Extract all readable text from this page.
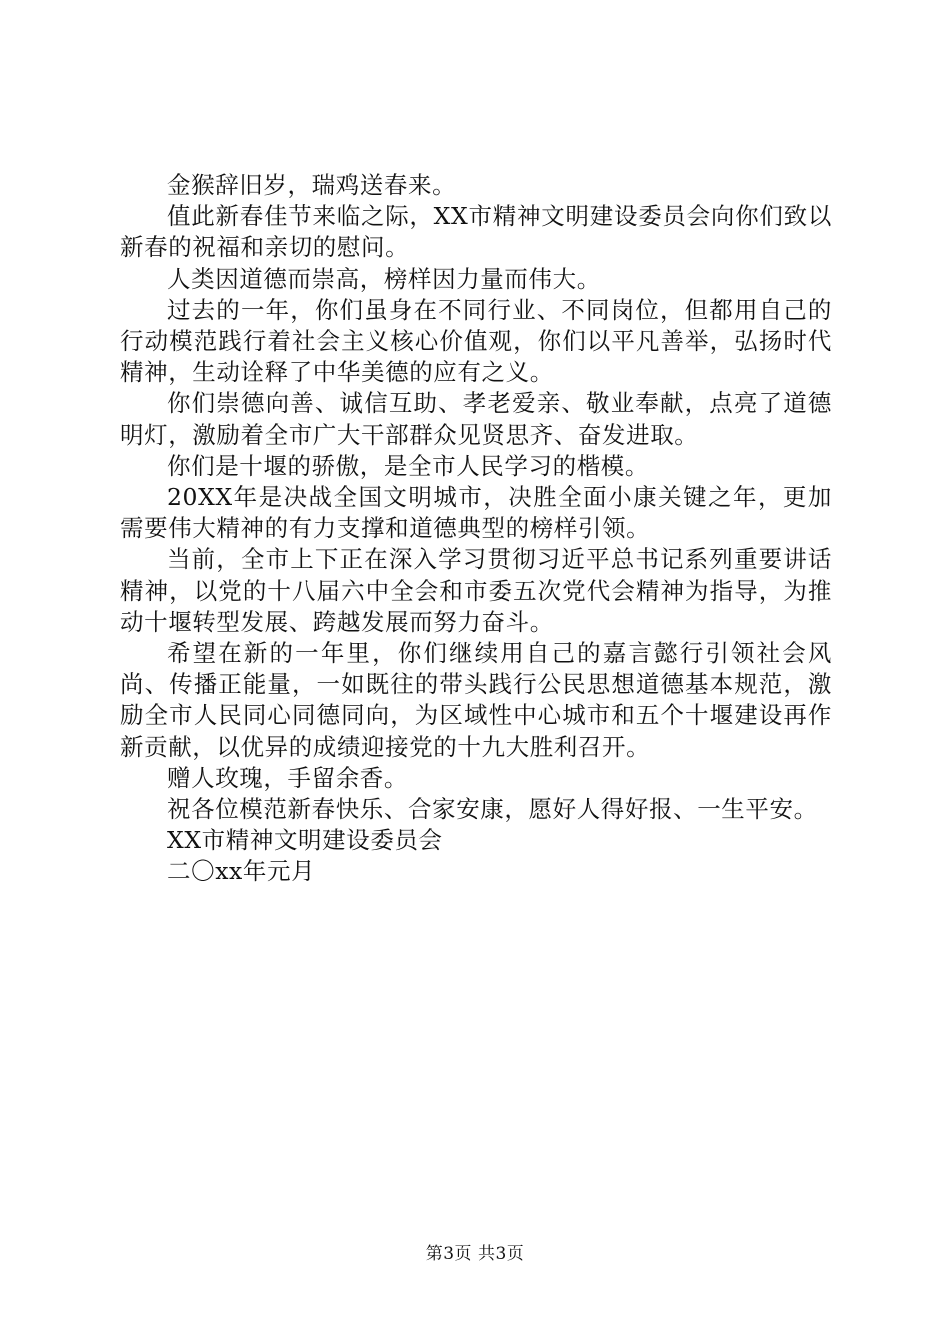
金猴辞旧岁，瑞鸡送春来。

值此新春佳节来临之际，XX市精神文明建设委员会向你们致以新春的祝福和亲切的慰问。

人类因道德而崇高，榜样因力量而伟大。

过去的一年，你们虽身在不同行业、不同岗位，但都用自己的行动模范践行着社会主义核心价值观，你们以平凡善举，弘扬时代精神，生动诠释了中华美德的应有之义。

你们崇德向善、诚信互助、孝老爱亲、敬业奉献，点亮了道德明灯，激励着全市广大干部群众见贤思齐、奋发进取。

你们是十堰的骄傲，是全市人民学习的楷模。

20XX年是决战全国文明城市，决胜全面小康关键之年，更加需要伟大精神的有力支撑和道德典型的榜样引领。

当前，全市上下正在深入学习贯彻习近平总书记系列重要讲话精神，以党的十八届六中全会和市委五次党代会精神为指导，为推动十堰转型发展、跨越发展而努力奋斗。

希望在新的一年里，你们继续用自己的嘉言懿行引领社会风尚、传播正能量，一如既往的带头践行公民思想道德基本规范，激励全市人民同心同德同向，为区域性中心城市和五个十堰建设再作新贡献，以优异的成绩迎接党的十九大胜利召开。

赠人玫瑰，手留余香。

祝各位模范新春快乐、合家安康，愿好人得好报、一生平安。

XX市精神文明建设委员会

二〇xx年元月

第3页 共3页
